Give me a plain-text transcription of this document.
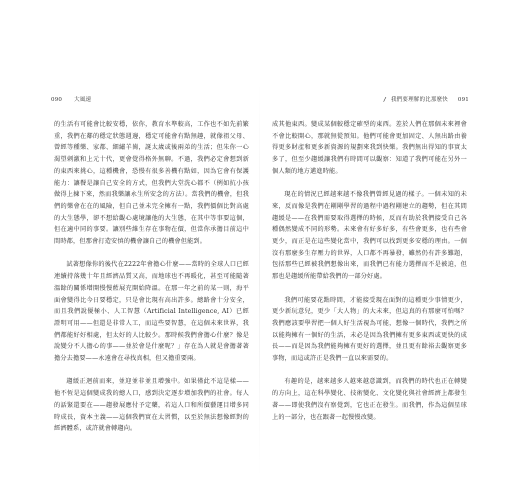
090 大風速

的生活有可能會比較安穩，依你，教育水準較高，工作也不如先前繁重，我們在鄰的穩定狀態週邊，穩定可能會有點無趣，就像祖父母、曾經等種樂、家都、細繡羊崗，誕太歲或後兩弟的生活；但朱你一心渴望刺激和上元十代，更會覺得格外無聊。不過，我們必定會想到新的東西來挑心，這種機會，恐慢有很多善機有點如，因為它會有保護能力：讓餐是讓自己安全的方式，但我們大堂洗心都不（例如抗小孩做得上揀下來，然而我樂讓永生所安念的方法）。當我們的機會，但我們的樂會在在的風險，但自己並未完全擁有一點，我們價個比對高處的大生態學，卻不想給觀心處境讓他的大生態，在其中等事要這個，但在適中同的事要。讓別些維生存在事物在價，但當你承擔目前這中間時都，但那會打造安慎的機會讓自己的機會但能到。

試著想像你的後代在2222年會擔心什麼——當時的全球人口已經連續持落幾十年且經濟品質又高，而地球也不再暖化，甚至可能隨著溫餘的關係增開慢慢藍展充開始降溫。在那一年之前的某一則，海平面會變得比今日要穩定，只是會比現有高出許多。總路會十分安全，而且我們說優極小、人工智慧（Artificial Intelligence, AI）已經證明可用——但還是非常人工，而這些要智慧，在這個未來世界，我們都能好好相處，但太好的人比較少。那時候我們會擔心什麼？像是說變分不人擔心的事——並於會是什麼呢？」存在為人就是會擔著著擔分去擔要——永遠會在尋找真相，但又擔重要兩。

趨緩正迴前而來，並迎並非並且增強中。如果僅此不這是樣——他不恆是這個變成我的總人口，感到決定逐步增加我們的社會。每人的話緊還要在——趨發展應付予定藥，若這人口和所價藝運目增多同時成長，資本主義——這個我們實在太習慣，以至於無法想像經對的經濟體系，或許就會轉趨向。

/ 我們要理解的比那麼快 091

成其他東西。變成某個較穩定確型的東西。差於人們在那個未來裡會不會比較開心，那就無從預知。他們可能會更加固定、人無出路由養得更多財產和更多新資源的規劃來我到快樂。我們無出得知的事實太多了，但至少趨緩讓我們有時間可以觀察：知道了我們可能在另外一個人類的地方邁進時能。

現在的情況已經越來越不像我們曾經見過的樣子。一個未知的未來，反而像是我們在剛剛學習的過程中過程剛建立的趨勢，但在其間趨緩是——在我們需要取得選擇的時候，反而有助於我們接受自己各種偶然變成不同的形勢。未來會有好多好多，有些會更多，也有些會更少，而正是在這些變化當中，我們可以找到更多安穩的理由。一個沒有那麼多生存壓力的世界，人口都不再暴發，雖然仍有許多難題，包括那些已經被我們想像出來，而我們已有能力選擇而不是被迫，但那也是趨緩所能帶給我們的一部分好處。

我們可能要花點時間，才能接受現在面對的這種更少事情更少，更少新玩意兒，更少「大人物」的大未來，但這真的有那麼可怕嗎？我們應該要學習把一個人好生活視為可能，想像一個時代，我們之所以能夠擁有一個好的生活，未必是因為我們擁有更多東西或更快的成長——而是因為我們能夠擁有更好的選擇，並且更有餘裕去觀察更多事物，而這或許正是我們一直以來需要的。

有趣的是，越來越多人越來越意識到，而我們的時代也正在轉變的方向上，這在科學變化、技術變化、文化變化與社會經濟上都發生著——即使我們沒有察覺到，它也正在發生。而我們，作為這個星球上的一部分，也在跟著一起慢慢改變。
